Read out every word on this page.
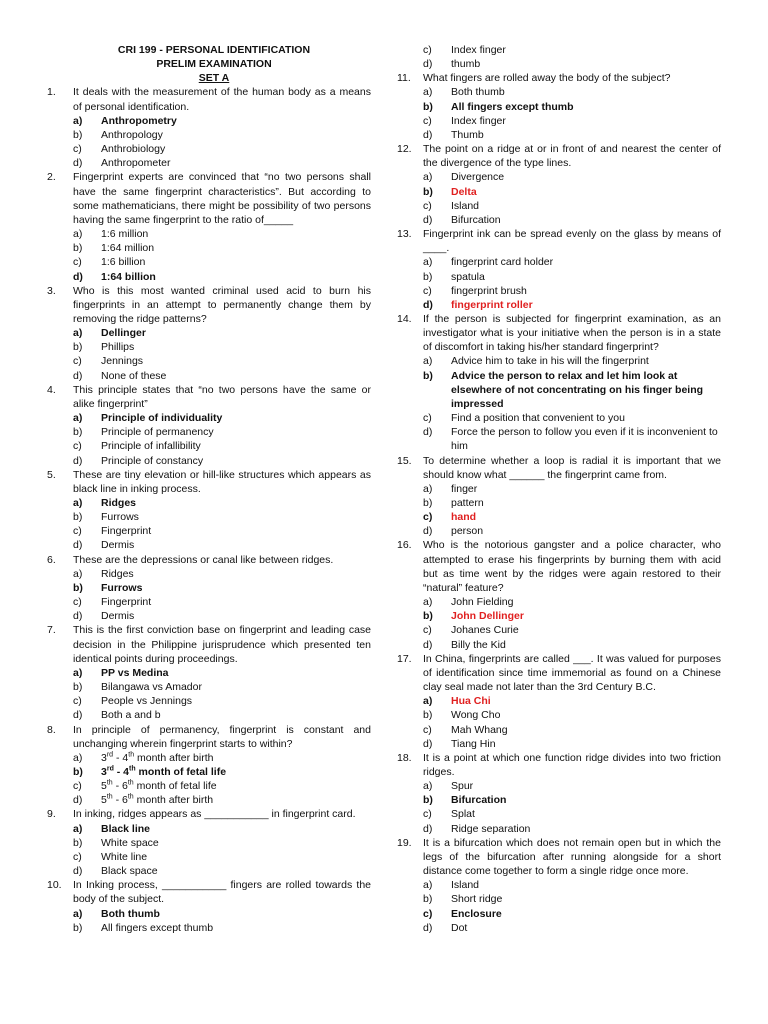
CRI 199 - PERSONAL IDENTIFICATION
PRELIM EXAMINATION
SET A
1.	It deals with the measurement of the human body as a means of personal identification.
a)	Anthropometry
b)	Anthropology
c)	Anthrobiology
d)	Anthropometer
2.	Fingerprint experts are convinced that “no two persons shall have the same fingerprint characteristics”. But according to some mathematicians, there might be possibility of two persons having the same fingerprint to the ratio of_____
a)	1:6 million
b)	1:64 million
c)	1:6 billion
d)	1:64 billion
3.	Who is this most wanted criminal used acid to burn his fingerprints in an attempt to permanently change them by removing the ridge patterns?
a)	Dellinger
b)	Phillips
c)	Jennings
d)	None of these
4.	This principle states that “no two persons have the same or alike fingerprint”
a)	Principle of individuality
b)	Principle of permanency
c)	Principle of infallibility
d)	Principle of constancy
5.	These are tiny elevation or hill-like structures which appears as black line in inking process.
a)	Ridges
b)	Furrows
c)	Fingerprint
d)	Dermis
6.	These are the depressions or canal like between ridges.
a)	Ridges
b)	Furrows
c)	Fingerprint
d)	Dermis
7.	This is the first conviction base on fingerprint and leading case decision in the Philippine jurisprudence which presented ten identical points during proceedings.
a)	PP vs Medina
b)	Bilangawa vs Amador
c)	People vs Jennings
d)	Both a and b
8.	In principle of permanency, fingerprint is constant and unchanging wherein fingerprint starts to within?
a)	3rd - 4th month after birth
b)	3rd - 4th month of fetal life
c)	5th - 6th month of fetal life
d)	5th - 6th month after birth
9.	In inking, ridges appears as ___________ in fingerprint card.
a)	Black line
b)	White space
c)	White line
d)	Black space
10.	In Inking process, ___________ fingers are rolled towards the body of the subject.
a)	Both thumb
b)	All fingers except thumb
c)	Index finger
d)	thumb
11.	What fingers are rolled away the body of the subject?
a)	Both thumb
b)	All fingers except thumb
c)	Index finger
d)	Thumb
12.	The point on a ridge at or in front of and nearest the center of the divergence of the type lines.
a)	Divergence
b)	Delta
c)	Island
d)	Bifurcation
13.	Fingerprint ink can be spread evenly on the glass by means of ____.
a)	fingerprint card holder
b)	spatula
c)	fingerprint brush
d)	fingerprint roller
14.	If the person is subjected for fingerprint examination, as an investigator what is your initiative when the person is in a state of discomfort in taking his/her standard fingerprint?
a)	Advice him to take in his will the fingerprint
b)	Advice the person to relax and let him look at elsewhere of not concentrating on his finger being impressed
c)	Find a position that convenient to you
d)	Force the person to follow you even if it is inconvenient to him
15.	To determine whether a loop is radial it is important that we should know what ______ the fingerprint came from.
a)	finger
b)	pattern
c)	hand
d)	person
16.	Who is the notorious gangster and a police character, who attempted to erase his fingerprints by burning them with acid but as time went by the ridges were again restored to their “natural” feature?
a)	John Fielding
b)	John Dellinger
c)	Johanes Curie
d)	Billy the Kid
17.	In China, fingerprints are called ___. It was valued for purposes of identification since time immemorial as found on a Chinese clay seal made not later than the 3rd Century B.C.
a)	Hua Chi
b)	Wong Cho
c)	Mah Whang
d)	Tiang Hin
18.	It is a point at which one function ridge divides into two friction ridges.
a)	Spur
b)	Bifurcation
c)	Splat
d)	Ridge separation
19.	It is a bifurcation which does not remain open but in which the legs of the bifurcation after running alongside for a short distance come together to form a single ridge once more.
a)	Island
b)	Short ridge
c)	Enclosure
d)	Dot
